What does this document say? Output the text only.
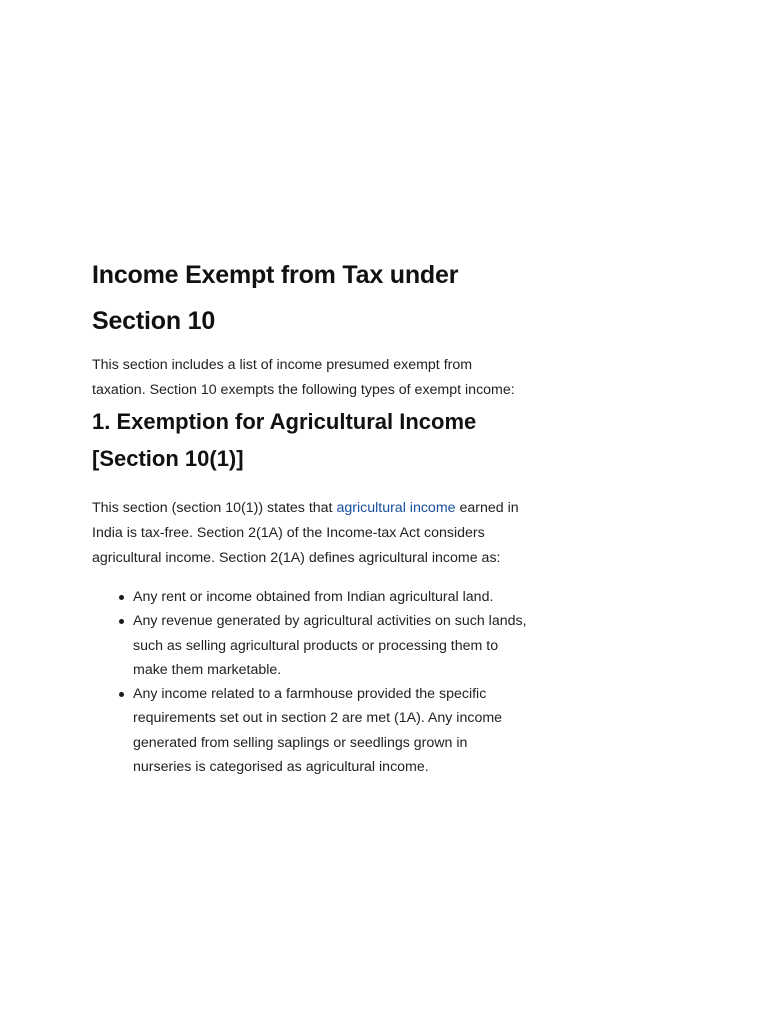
Income Exempt from Tax under
Section 10

This section includes a list of income presumed exempt from
taxation. Section 10 exempts the following types of exempt income:

1. Exemption for Agricultural Income
[Section 10(1)]

This section (section 10(1)) states that agricultural income earned in
India is tax-free. Section 2(1A) of the Income-tax Act considers
agricultural income. Section 2(1A) defines agricultural income as:

Any rent or income obtained from Indian agricultural land.
Any revenue generated by agricultural activities on such lands,
such as selling agricultural products or processing them to
make them marketable.
Any income related to a farmhouse provided the specific
requirements set out in section 2 are met (1A). Any income
generated from selling saplings or seedlings grown in
nurseries is categorised as agricultural income.
